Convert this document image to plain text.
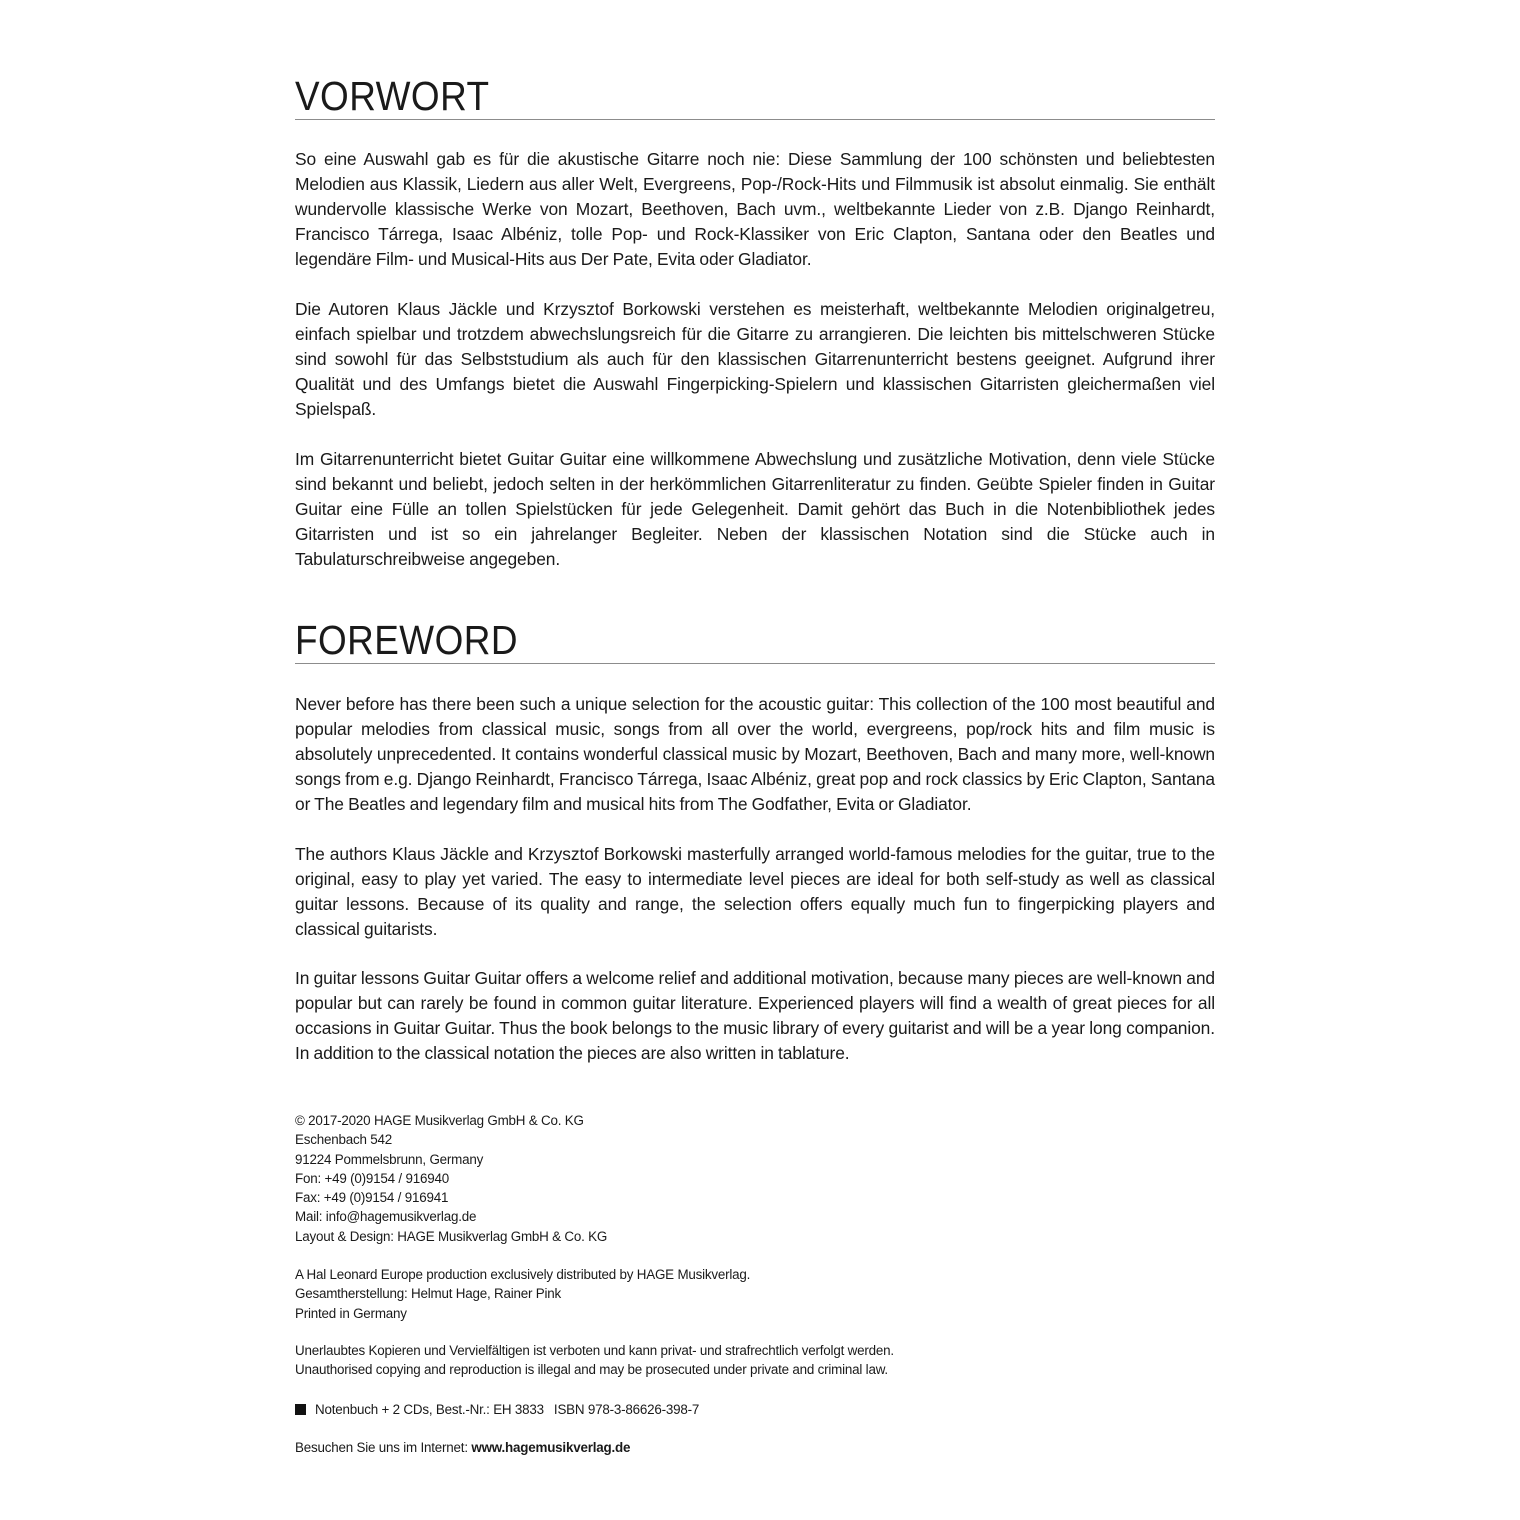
VORWORT

So eine Auswahl gab es für die akustische Gitarre noch nie: Diese Sammlung der 100 schönsten und beliebtesten Melodien aus Klassik, Liedern aus aller Welt, Evergreens, Pop-/Rock-Hits und Filmmusik ist absolut einmalig. Sie enthält wundervolle klassische Werke von Mozart, Beethoven, Bach uvm., weltbekannte Lieder von z.B. Django Reinhardt, Francisco Tárrega, Isaac Albéniz, tolle Pop- und Rock-Klassiker von Eric Clapton, Santana oder den Beatles und legendäre Film- und Musical-Hits aus Der Pate, Evita oder Gladiator.

Die Autoren Klaus Jäckle und Krzysztof Borkowski verstehen es meisterhaft, weltbekannte Melodien originalgetreu, einfach spielbar und trotzdem abwechslungsreich für die Gitarre zu arrangieren. Die leichten bis mittelschweren Stücke sind sowohl für das Selbststudium als auch für den klassischen Gitarrenunterricht bestens geeignet. Aufgrund ihrer Qualität und des Umfangs bietet die Auswahl Fingerpicking-Spielern und klassischen Gitarristen gleichermaßen viel Spielspaß.

Im Gitarrenunterricht bietet Guitar Guitar eine willkommene Abwechslung und zusätzliche Motivation, denn viele Stücke sind bekannt und beliebt, jedoch selten in der herkömmlichen Gitarrenliteratur zu finden. Geübte Spieler finden in Guitar Guitar eine Fülle an tollen Spielstücken für jede Gelegenheit. Damit gehört das Buch in die Notenbibliothek jedes Gitarristen und ist so ein jahrelanger Begleiter. Neben der klassischen Notation sind die Stücke auch in Tabulaturschreibweise angegeben.

FOREWORD

Never before has there been such a unique selection for the acoustic guitar: This collection of the 100 most beautiful and popular melodies from classical music, songs from all over the world, evergreens, pop/rock hits and film music is absolutely unprecedented. It contains wonderful classical music by Mozart, Beethoven, Bach and many more, well-known songs from e.g. Django Reinhardt, Francisco Tárrega, Isaac Albéniz, great pop and rock classics by Eric Clapton, Santana or The Beatles and legendary film and musical hits from The Godfather, Evita or Gladiator.

The authors Klaus Jäckle and Krzysztof Borkowski masterfully arranged world-famous melodies for the guitar, true to the original, easy to play yet varied. The easy to intermediate level pieces are ideal for both self-study as well as classical guitar lessons. Because of its quality and range, the selection offers equally much fun to fingerpicking players and classical guitarists.

In guitar lessons Guitar Guitar offers a welcome relief and additional motivation, because many pieces are well-known and popular but can rarely be found in common guitar literature. Experienced players will find a wealth of great pieces for all occasions in Guitar Guitar. Thus the book belongs to the music library of every guitarist and will be a year long companion. In addition to the classical notation the pieces are also written in tablature.

© 2017-2020 HAGE Musikverlag GmbH & Co. KG
Eschenbach 542
91224 Pommelsbrunn, Germany
Fon: +49 (0)9154 / 916940
Fax: +49 (0)9154 / 916941
Mail: info@hagemusikverlag.de
Layout & Design: HAGE Musikverlag GmbH & Co. KG
A Hal Leonard Europe production exclusively distributed by HAGE Musikverlag.
Gesamtherstellung: Helmut Hage, Rainer Pink
Printed in Germany
Unerlaubtes Kopieren und Vervielfältigen ist verboten und kann privat- und strafrechtlich verfolgt werden.
Unauthorised copying and reproduction is illegal and may be prosecuted under private and criminal law.
Notenbuch + 2 CDs, Best.-Nr.: EH 3833 ISBN 978-3-86626-398-7
Besuchen Sie uns im Internet: www.hagemusikverlag.de
